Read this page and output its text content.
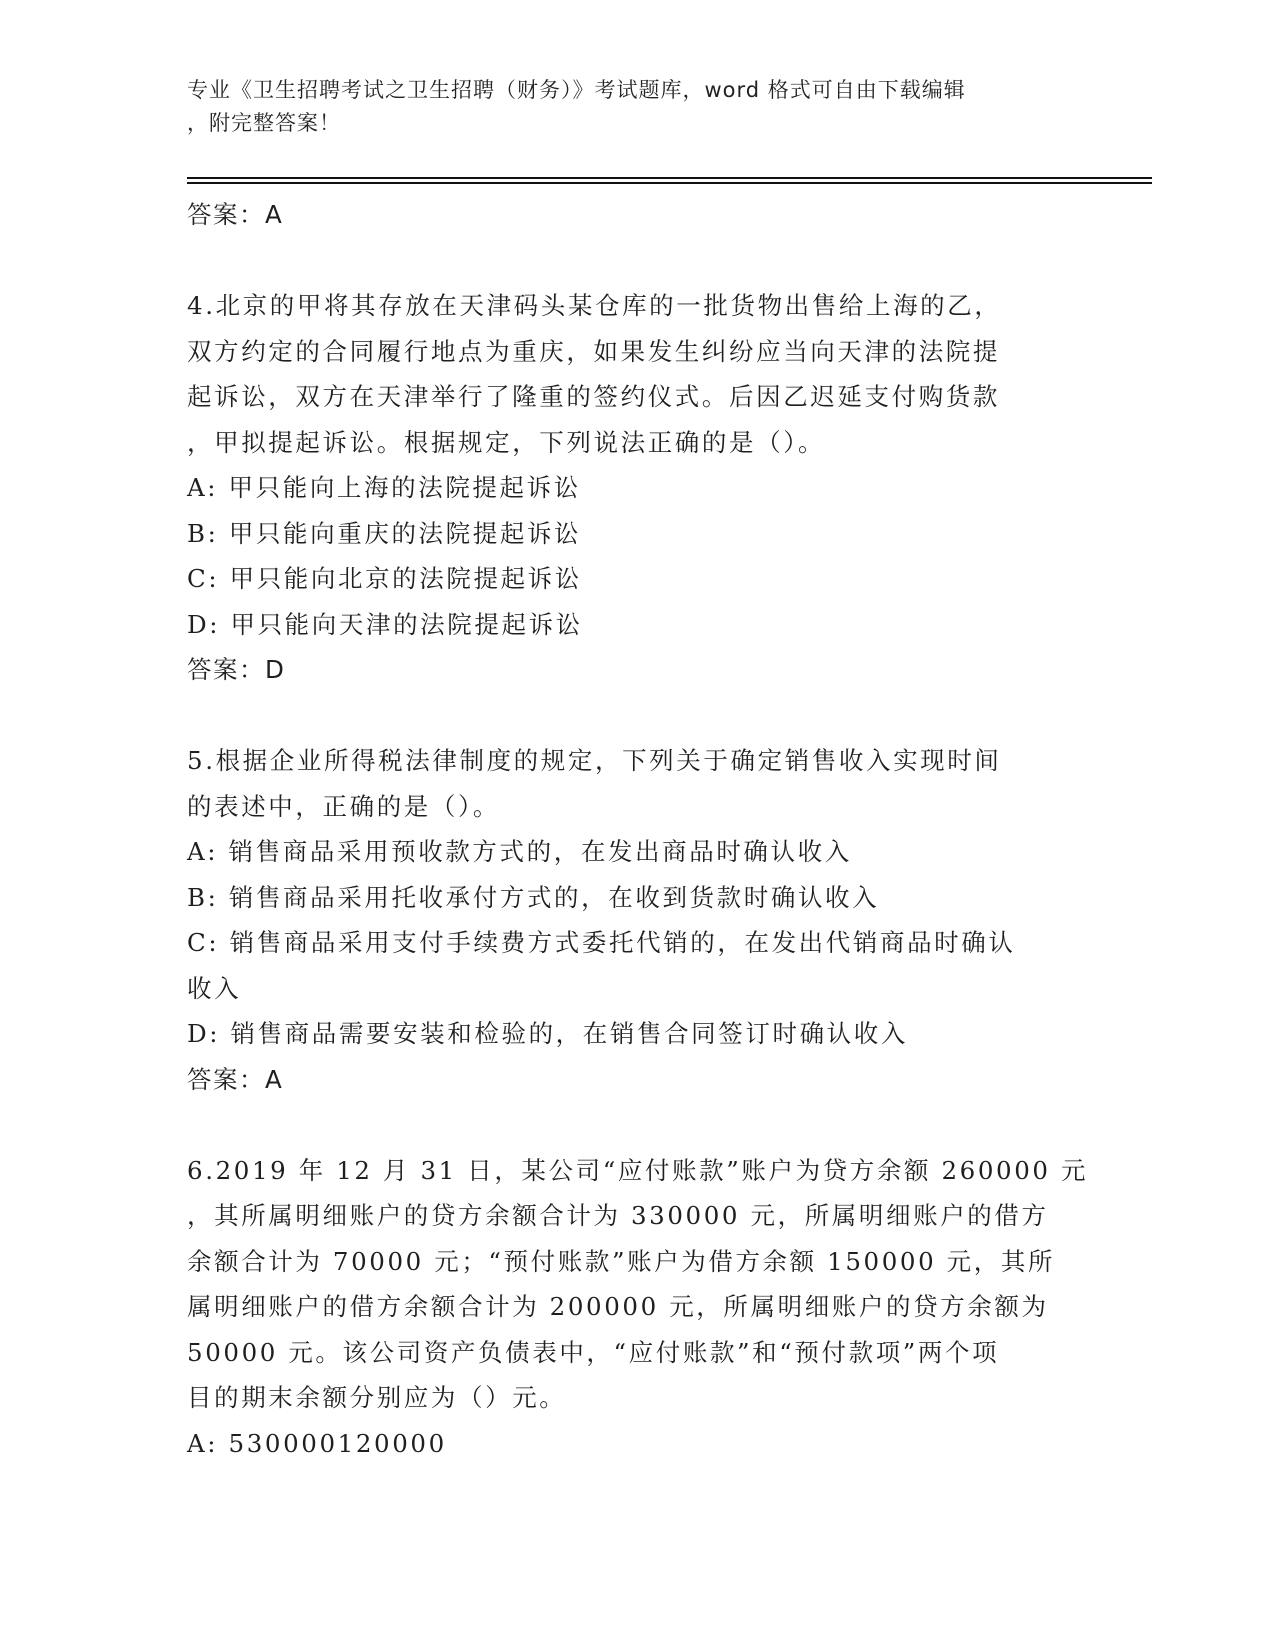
专业《卫生招聘考试之卫生招聘（财务）》考试题库，word 格式可自由下载编辑
，附完整答案！
答案：A
4.北京的甲将其存放在天津码头某仓库的一批货物出售给上海的乙，
双方约定的合同履行地点为重庆，如果发生纠纷应当向天津的法院提
起诉讼，双方在天津举行了隆重的签约仪式。后因乙迟延支付购货款
，甲拟提起诉讼。根据规定，下列说法正确的是（）。
A: 甲只能向上海的法院提起诉讼
B: 甲只能向重庆的法院提起诉讼
C: 甲只能向北京的法院提起诉讼
D: 甲只能向天津的法院提起诉讼
答案：D
5.根据企业所得税法律制度的规定，下列关于确定销售收入实现时间
的表述中，正确的是（）。
A: 销售商品采用预收款方式的，在发出商品时确认收入
B: 销售商品采用托收承付方式的，在收到货款时确认收入
C: 销售商品采用支付手续费方式委托代销的，在发出代销商品时确认
收入
D: 销售商品需要安装和检验的，在销售合同签订时确认收入
答案：A
6.2019 年 12 月 31 日，某公司“应付账款”账户为贷方余额 260000 元
，其所属明细账户的贷方余额合计为 330000 元，所属明细账户的借方
余额合计为 70000 元；“预付账款”账户为借方余额 150000 元，其所
属明细账户的借方余额合计为 200000 元，所属明细账户的贷方余额为
50000 元。该公司资产负债表中，“应付账款”和“预付款项”两个项
目的期末余额分别应为（）元。
A: 530000120000
